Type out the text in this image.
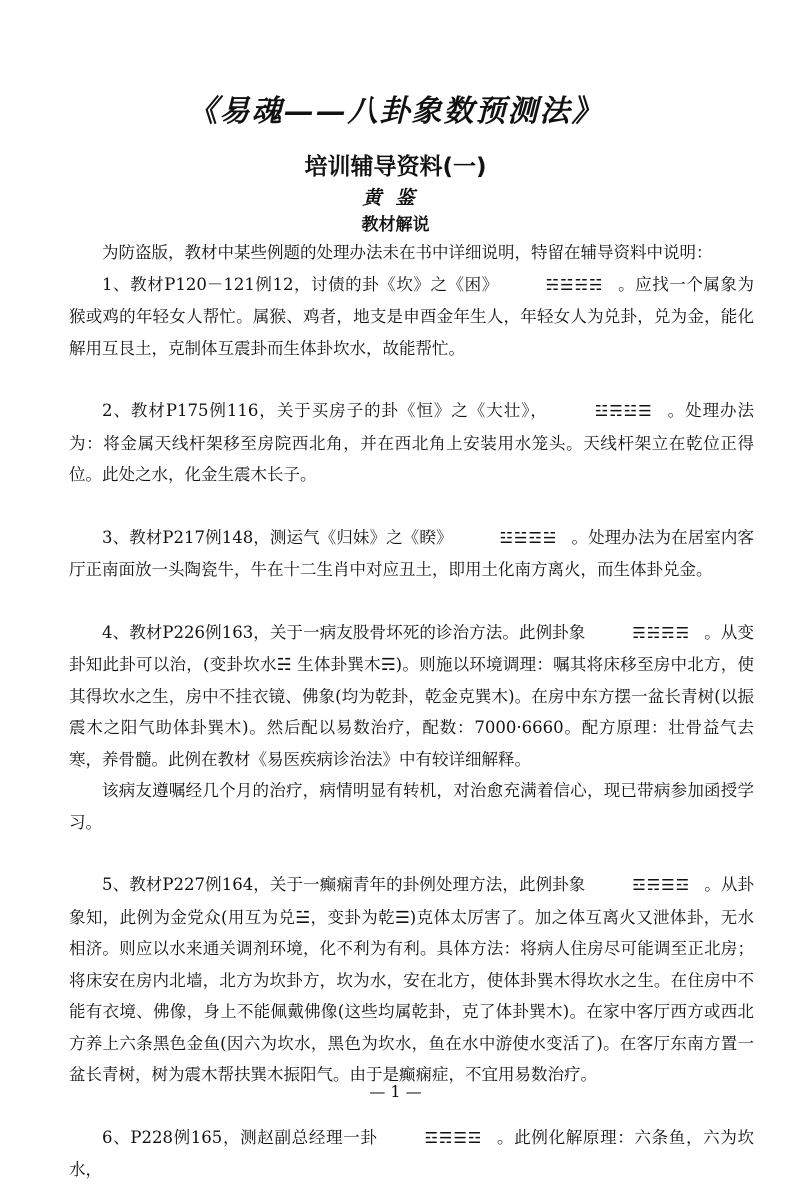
《易魂——八卦象数预测法》
培训辅导资料(一)
黄鉴
教材解说

为防盗版，教材中某些例题的处理办法未在书中详细说明，特留在辅导资料中说明：

1、教材P120－121例12，讨债的卦《坎》之《困》	☵☱☵☵ 。应找一个属象为猴或鸡的年轻女人帮忙。属猴、鸡者，地支是申酉金年生人，年轻女人为兑卦，兑为金，能化解用互艮土，克制体互震卦而生体卦坎水，故能帮忙。

2、教材P175例116，关于买房子的卦《恒》之《大壮》，	☳☴☳☰ 。处理办法为：将金属天线杆架移至房院西北角，并在西北角上安装用水笼头。天线杆架立在乾位正得位。此处之水，化金生震木长子。

3、教材P217例148，测运气《归妹》之《睽》	☳☱☲☱ 。处理办法为在居室内客厅正南面放一头陶瓷牛，牛在十二生肖中对应丑土，即用土化南方离火，而生体卦兑金。

4、教材P226例163，关于一病友股骨坏死的诊治方法。此例卦象	☴☵☴☴ 。从变卦知此卦可以治，(变卦坎水☵ 生体卦巽木☴)。则施以环境调理：嘱其将床移至房中北方，使其得坎水之生，房中不挂衣镜、佛象(均为乾卦，乾金克巽木)。在房中东方摆一盆长青树(以振震木之阳气助体卦巽木)。然后配以易数治疗，配数：7000·6660。配方原理：壮骨益气去寒，养骨髓。此例在教材《易医疾病诊治法》中有较详细解释。

该病友遵嘱经几个月的治疗，病情明显有转机，对治愈充满着信心，现已带病参加函授学习。

5、教材P227例164，关于一癫痫青年的卦例处理方法，此例卦象	☲☴☰☲ 。从卦象知，此例为金党众(用互为兑☱，变卦为乾☰)克体太厉害了。加之体互离火又泄体卦，无水相济。则应以水来通关调剂环境，化不利为有利。具体方法：将病人住房尽可能调至正北房；将床安在房内北墙，北方为坎卦方，坎为水，安在北方，使体卦巽木得坎水之生。在住房中不能有衣境、佛像，身上不能佩戴佛像(这些均属乾卦，克了体卦巽木)。在家中客厅西方或西北方养上六条黑色金鱼(因六为坎水，黑色为坎水，鱼在水中游使水变活了)。在客厅东南方置一盆长青树，树为震木帮扶巽木振阳气。由于是癫痫症，不宜用易数治疗。

6、P228例165，测赵副总经理一卦	☲☴☰☲ 。此例化解原理：六条鱼，六为坎水，

— 1 —
